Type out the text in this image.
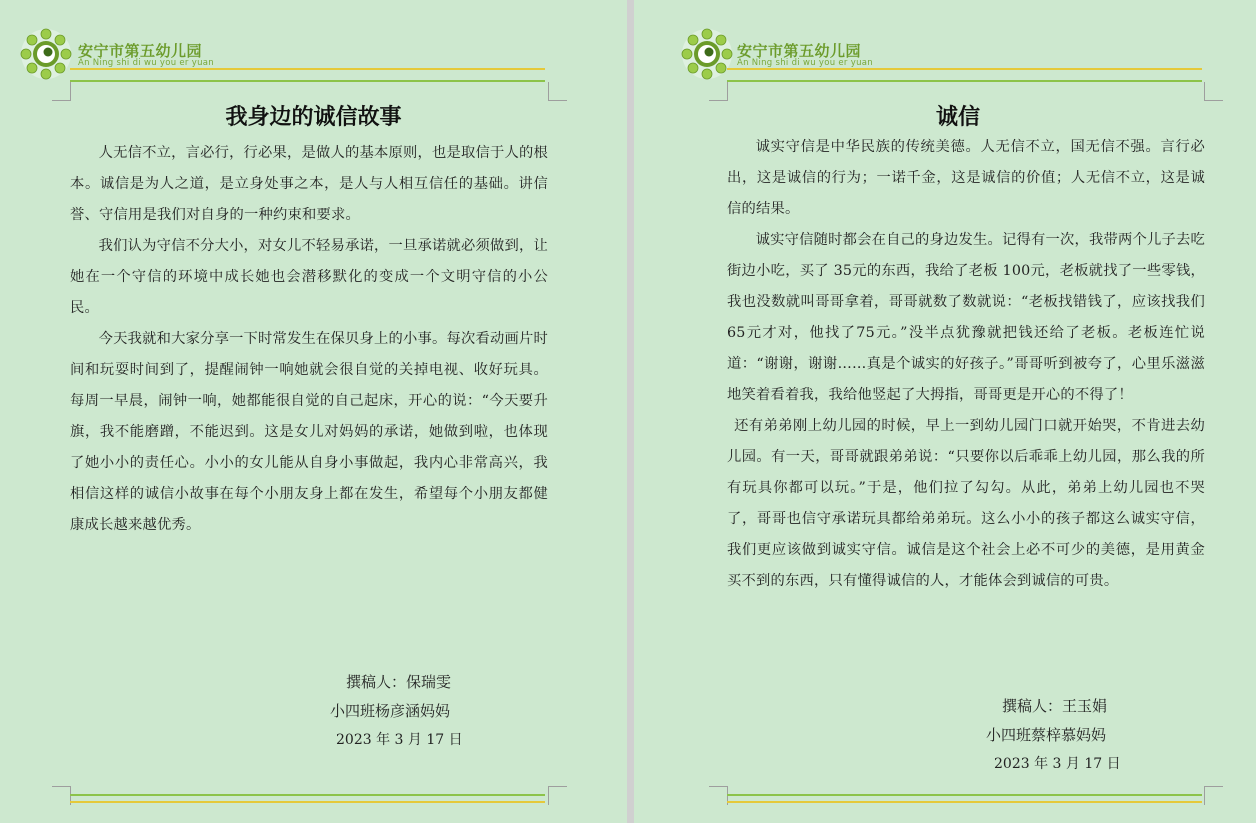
安宁市第五幼儿园
An Ning shi di wu you er yuan
我身边的诚信故事

人无信不立，言必行，行必果，是做人的基本原则，也是取信于人的根本。诚信是为人之道，是立身处事之本，是人与人相互信任的基础。讲信誉、守信用是我们对自身的一种约束和要求。

我们认为守信不分大小，对女儿不轻易承诺，一旦承诺就必须做到，让她在一个守信的环境中成长她也会潜移默化的变成一个文明守信的小公民。

今天我就和大家分享一下时常发生在保贝身上的小事。每次看动画片时间和玩耍时间到了，提醒闹钟一响她就会很自觉的关掉电视、收好玩具。每周一早晨，闹钟一响，她都能很自觉的自己起床，开心的说：“今天要升旗，我不能磨蹭，不能迟到。这是女儿对妈妈的承诺，她做到啦，也体现了她小小的责任心。小小的女儿能从自身小事做起，我内心非常高兴，我相信这样的诚信小故事在每个小朋友身上都在发生，希望每个小朋友都健康成长越来越优秀。

撰稿人：保瑞雯
小四班杨彦涵妈妈
2023 年 3 月 17 日
安宁市第五幼儿园
An Ning shi di wu you er yuan
诚信

诚实守信是中华民族的传统美德。人无信不立，国无信不强。言行必出，这是诚信的行为；一诺千金，这是诚信的价值；人无信不立，这是诚信的结果。

诚实守信随时都会在自己的身边发生。记得有一次，我带两个儿子去吃街边小吃，买了 35元的东西，我给了老板 100元，老板就找了一些零钱，我也没数就叫哥哥拿着，哥哥就数了数就说：“老板找错钱了，应该找我们65元才对，他找了75元。”没半点犹豫就把钱还给了老板。老板连忙说道：“谢谢，谢谢……真是个诚实的好孩子。”哥哥听到被夸了，心里乐滋滋地笑着看着我，我给他竖起了大拇指，哥哥更是开心的不得了！

还有弟弟刚上幼儿园的时候，早上一到幼儿园门口就开始哭，不肯进去幼儿园。有一天，哥哥就跟弟弟说：“只要你以后乖乖上幼儿园，那么我的所有玩具你都可以玩。”于是，他们拉了勾勾。从此，弟弟上幼儿园也不哭了，哥哥也信守承诺玩具都给弟弟玩。这么小小的孩子都这么诚实守信，我们更应该做到诚实守信。诚信是这个社会上必不可少的美德，是用黄金买不到的东西，只有懂得诚信的人，才能体会到诚信的可贵。

撰稿人：王玉娟
小四班蔡梓慕妈妈
2023 年 3 月 17 日
